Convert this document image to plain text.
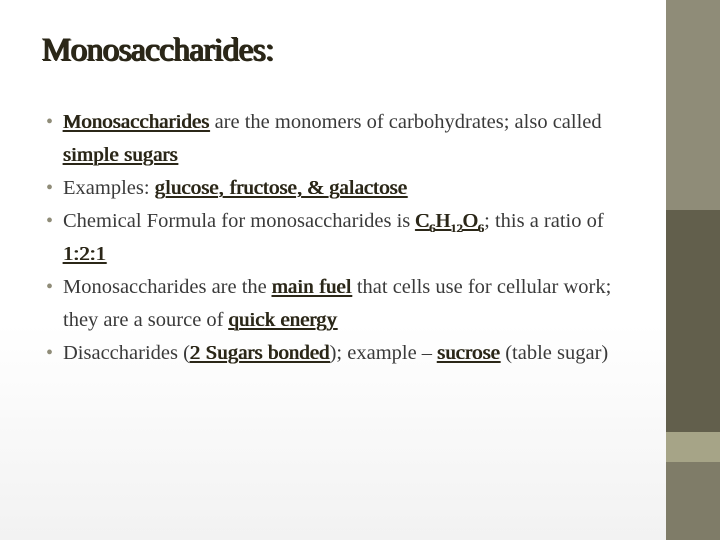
Monosaccharides:
• Monosaccharides are the monomers of carbohydrates; also called simple sugars
• Examples: glucose, fructose, & galactose
• Chemical Formula for monosaccharides is $C_6H_{12}O_6$; this a ratio of 1:2:1
• Monosaccharides are the main fuel that cells use for cellular work; they are a source of quick energy
• Disaccharides (2 Sugars bonded); example – sucrose (table sugar)
